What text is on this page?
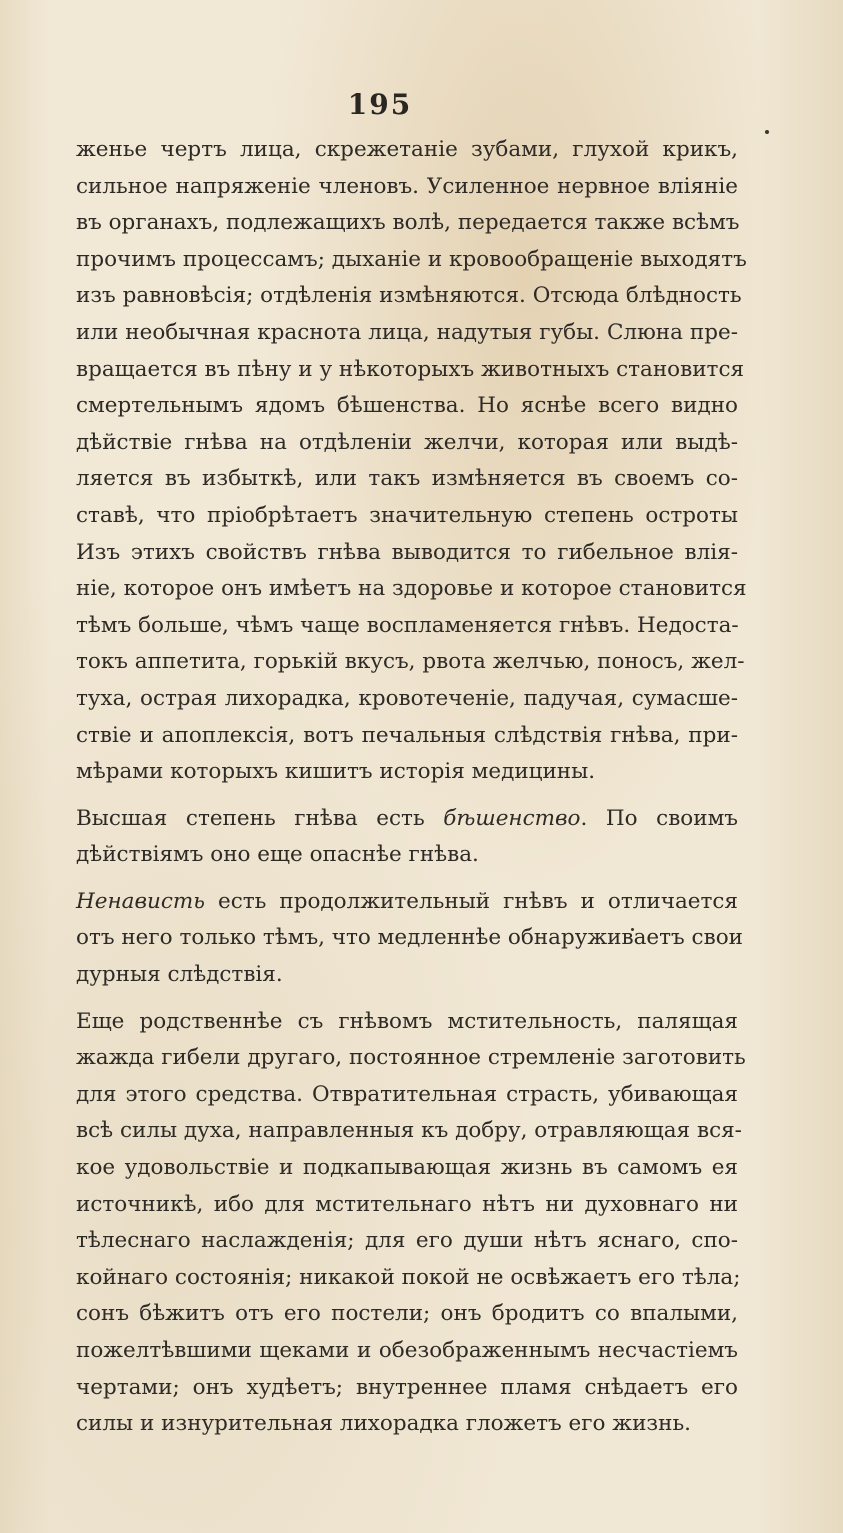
195
женье чертъ лица, скрежетаніе зубами, глухой крикъ,
сильное напряженіе членовъ. Усиленное нервное вліяніе
въ органахъ, подлежащихъ волѣ, передается также всѣмъ
прочимъ процессамъ; дыханіе и кровообращеніе выходятъ
изъ равновѣсія; отдѣленія измѣняются. Отсюда блѣдность
или необычная краснота лица, надутыя губы. Слюна пре-
вращается въ пѣну и у нѣкоторыхъ животныхъ становится
смертельнымъ ядомъ бѣшенства. Но яснѣе всего видно
дѣйствіе гнѣва на отдѣленіи желчи, которая или выдѣ-
ляется въ избыткѣ, или такъ измѣняется въ своемъ со-
ставѣ, что пріобрѣтаетъ значительную степень остроты
Изъ этихъ свойствъ гнѣва выводится то гибельное влія-
ніе, которое онъ имѣетъ на здоровье и которое становится
тѣмъ больше, чѣмъ чаще воспламеняется гнѣвъ. Недоста-
токъ аппетита, горькій вкусъ, рвота желчью, поносъ, жел-
туха, острая лихорадка, кровотеченіе, падучая, сумасше-
ствіе и апоплексія, вотъ печальныя слѣдствія гнѣва, при-
мѣрами которыхъ кишитъ исторія медицины.
Высшая степень гнѣва есть бѣшенство. По своимъ
дѣйствіямъ оно еще опаснѣе гнѣва.
Ненависть есть продолжительный гнѣвъ и отличается
отъ него только тѣмъ, что медленнѣе обнаруживаетъ свои
дурныя слѣдствія.
Еще родственнѣе съ гнѣвомъ мстительность, палящая
жажда гибели другаго, постоянное стремленіе заготовить
для этого средства. Отвратительная страсть, убивающая
всѣ силы духа, направленныя къ добру, отравляющая вся-
кое удовольствіе и подкапывающая жизнь въ самомъ ея
источникѣ, ибо для мстительнаго нѣтъ ни духовнаго ни
тѣлеснаго наслажденія; для его души нѣтъ яснаго, спо-
койнаго состоянія; никакой покой не освѣжаетъ его тѣла;
сонъ бѣжитъ отъ его постели; онъ бродитъ со впалыми,
пожелтѣвшими щеками и обезображеннымъ несчастіемъ
чертами; онъ худѣетъ; внутреннее пламя снѣдаетъ его
силы и изнурительная лихорадка гложетъ его жизнь.
